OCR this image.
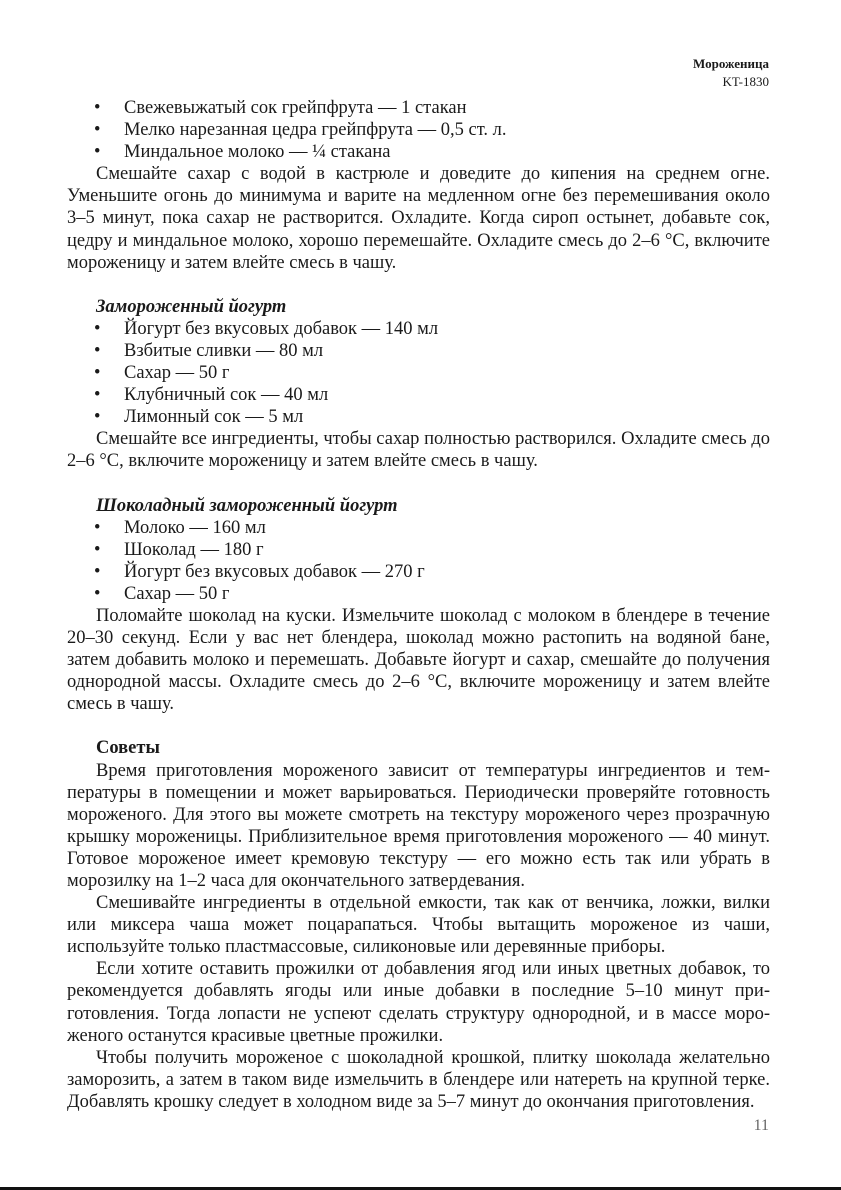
Мороженица
KT-1830
• Свежевыжатый сок грейпфрута — 1 стакан
• Мелко нарезанная цедра грейпфрута — 0,5 ст. л.
• Миндальное молоко — ¼ стакана

Смешайте сахар с водой в кастрюле и доведите до кипения на среднем огне. Уменьшите огонь до минимума и варите на медленном огне без перемешивания около 3–5 минут, пока сахар не растворится. Охладите. Когда сироп остынет, добавьте сок, цедру и миндальное молоко, хорошо перемешайте. Охладите смесь до 2–6 °С, включите мороженицу и затем влейте смесь в чашу.

Замороженный йогурт
• Йогурт без вкусовых добавок — 140 мл
• Взбитые сливки — 80 мл
• Сахар — 50 г
• Клубничный сок — 40 мл
• Лимонный сок — 5 мл

Смешайте все ингредиенты, чтобы сахар полностью растворился. Охладите смесь до 2–6 °С, включите мороженицу и затем влейте смесь в чашу.

Шоколадный замороженный йогурт
• Молоко — 160 мл
• Шоколад — 180 г
• Йогурт без вкусовых добавок — 270 г
• Сахар — 50 г

Поломайте шоколад на куски. Измельчите шоколад с молоком в блендере в течение 20–30 секунд. Если у вас нет блендера, шоколад можно растопить на водяной бане, затем добавить молоко и перемешать. Добавьте йогурт и сахар, смешайте до получения однородной массы. Охладите смесь до 2–6 °С, включите мороженицу и затем влейте смесь в чашу.

Советы

Время приготовления мороженого зависит от температуры ингредиентов и температуры в помещении и может варьироваться. Периодически проверяйте готовность мороженого. Для этого вы можете смотреть на текстуру мороженого через прозрачную крышку мороженицы. Приблизительное время приготовления мороженого — 40 минут. Готовое мороженое имеет кремовую текстуру — его можно есть так или убрать в морозилку на 1–2 часа для окончательного затвердевания.

Смешивайте ингредиенты в отдельной емкости, так как от венчика, ложки, вилки или миксера чаша может поцарапаться. Чтобы вытащить мороженое из чаши, используйте только пластмассовые, силиконовые или деревянные приборы.

Если хотите оставить прожилки от добавления ягод или иных цветных добавок, то рекомендуется добавлять ягоды или иные добавки в последние 5–10 минут приготовления. Тогда лопасти не успеют сделать структуру однородной, и в массе мороженого останутся красивые цветные прожилки.

Чтобы получить мороженое с шоколадной крошкой, плитку шоколада желательно заморозить, а затем в таком виде измельчить в блендере или натереть на крупной терке. Добавлять крошку следует в холодном виде за 5–7 минут до окончания приготовления.

11
